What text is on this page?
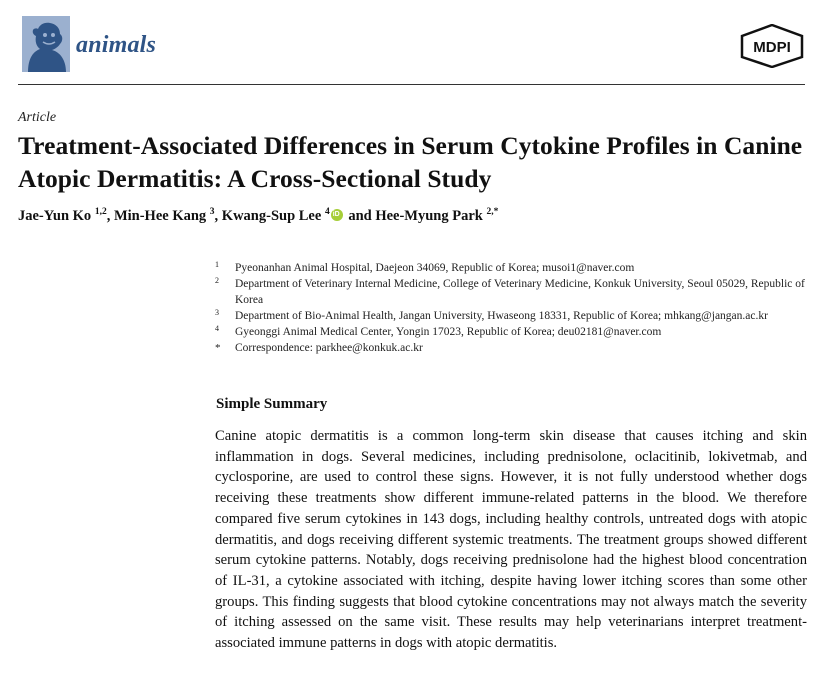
animals	MDPI
Article
Treatment-Associated Differences in Serum Cytokine Profiles in Canine Atopic Dermatitis: A Cross-Sectional Study
Jae-Yun Ko $^{1,2}$, Min-Hee Kang $^3$, Kwang-Sup Lee $^4$iD and Hee-Myung Park $^{2,*}$
1 Pyeonanhan Animal Hospital, Daejeon 34069, Republic of Korea; musoi1@naver.com
2 Department of Veterinary Internal Medicine, College of Veterinary Medicine, Konkuk University, Seoul 05029, Republic of Korea
3 Department of Bio-Animal Health, Jangan University, Hwaseong 18331, Republic of Korea; mhkang@jangan.ac.kr
4 Gyeonggi Animal Medical Center, Yongin 17023, Republic of Korea; deu02181@naver.com
* Correspondence: parkhee@konkuk.ac.kr
Simple Summary

Canine atopic dermatitis is a common long-term skin disease that causes itching and skin inflammation in dogs. Several medicines, including prednisolone, oclacitinib, lokivetmab, and cyclosporine, are used to control these signs. However, it is not fully understood whether dogs receiving these treatments show different immune-related patterns in the blood. We therefore compared five serum cytokines in 143 dogs, including healthy controls, untreated dogs with atopic dermatitis, and dogs receiving different systemic treatments. The treatment groups showed different serum cytokine patterns. Notably, dogs receiving prednisolone had the highest blood concentration of IL-31, a cytokine associated with itching, despite having lower itching scores than some other groups. This finding suggests that blood cytokine concentrations may not always match the severity of itching assessed on the same visit. These results may help veterinarians interpret treatment-associated immune patterns in dogs with atopic dermatitis.
